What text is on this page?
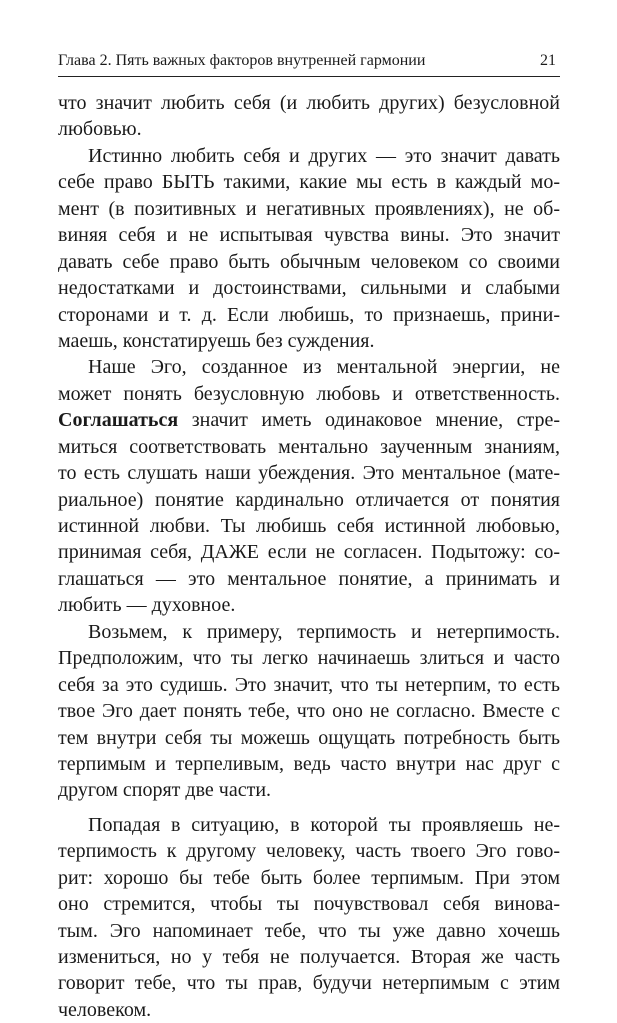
Глава 2. Пять важных факторов внутренней гармонии	21
что значит любить себя (и любить других) безусловной
любовью.
Истинно любить себя и других — это значит давать
себе право БЫТЬ такими, какие мы есть в каждый мо-
мент (в позитивных и негативных проявлениях), не об-
виняя себя и не испытывая чувства вины. Это значит
давать себе право быть обычным человеком со своими
недостатками и достоинствами, сильными и слабыми
сторонами и т. д. Если любишь, то признаешь, прини-
маешь, констатируешь без суждения.
Наше Эго, созданное из ментальной энергии, не
может понять безусловную любовь и ответственность.
Соглашаться значит иметь одинаковое мнение, стре-
миться соответствовать ментально заученным знаниям,
то есть слушать наши убеждения. Это ментальное (мате-
риальное) понятие кардинально отличается от понятия
истинной любви. Ты любишь себя истинной любовью,
принимая себя, ДАЖЕ если не согласен. Подытожу: со-
глашаться — это ментальное понятие, а принимать и
любить — духовное.
Возьмем, к примеру, терпимость и нетерпимость.
Предположим, что ты легко начинаешь злиться и часто
себя за это судишь. Это значит, что ты нетерпим, то есть
твое Эго дает понять тебе, что оно не согласно. Вместе с
тем внутри себя ты можешь ощущать потребность быть
терпимым и терпеливым, ведь часто внутри нас друг с
другом спорят две части.
Попадая в ситуацию, в которой ты проявляешь не-
терпимость к другому человеку, часть твоего Эго гово-
рит: хорошо бы тебе быть более терпимым. При этом
оно стремится, чтобы ты почувствовал себя винова-
тым. Эго напоминает тебе, что ты уже давно хочешь
измениться, но у тебя не получается. Вторая же часть
говорит тебе, что ты прав, будучи нетерпимым с этим
человеком.
